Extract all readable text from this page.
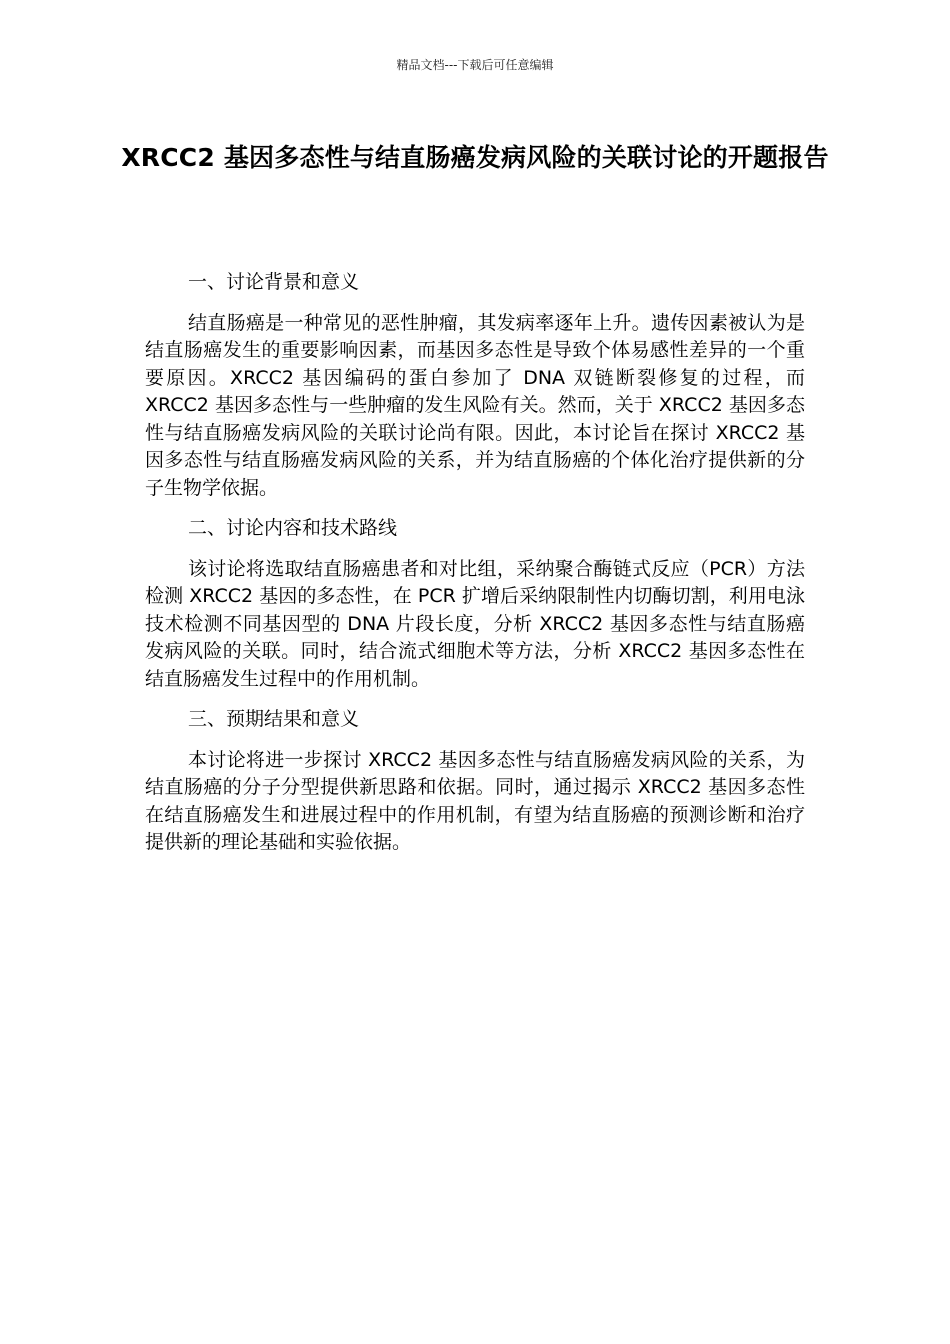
精品文档---下载后可任意编辑
XRCC2 基因多态性与结直肠癌发病风险的关联讨论的开题报告
一、讨论背景和意义
结直肠癌是一种常见的恶性肿瘤，其发病率逐年上升。遗传因素被认为是结直肠癌发生的重要影响因素，而基因多态性是导致个体易感性差异的一个重要原因。XRCC2 基因编码的蛋白参加了 DNA 双链断裂修复的过程，而 XRCC2 基因多态性与一些肿瘤的发生风险有关。然而，关于 XRCC2 基因多态性与结直肠癌发病风险的关联讨论尚有限。因此，本讨论旨在探讨 XRCC2 基因多态性与结直肠癌发病风险的关系，并为结直肠癌的个体化治疗提供新的分子生物学依据。
二、讨论内容和技术路线
该讨论将选取结直肠癌患者和对比组，采纳聚合酶链式反应（PCR）方法检测 XRCC2 基因的多态性，在 PCR 扩增后采纳限制性内切酶切割，利用电泳技术检测不同基因型的 DNA 片段长度，分析 XRCC2 基因多态性与结直肠癌发病风险的关联。同时，结合流式细胞术等方法，分析 XRCC2 基因多态性在结直肠癌发生过程中的作用机制。
三、预期结果和意义
本讨论将进一步探讨 XRCC2 基因多态性与结直肠癌发病风险的关系，为结直肠癌的分子分型提供新思路和依据。同时，通过揭示 XRCC2 基因多态性在结直肠癌发生和进展过程中的作用机制，有望为结直肠癌的预测诊断和治疗提供新的理论基础和实验依据。
